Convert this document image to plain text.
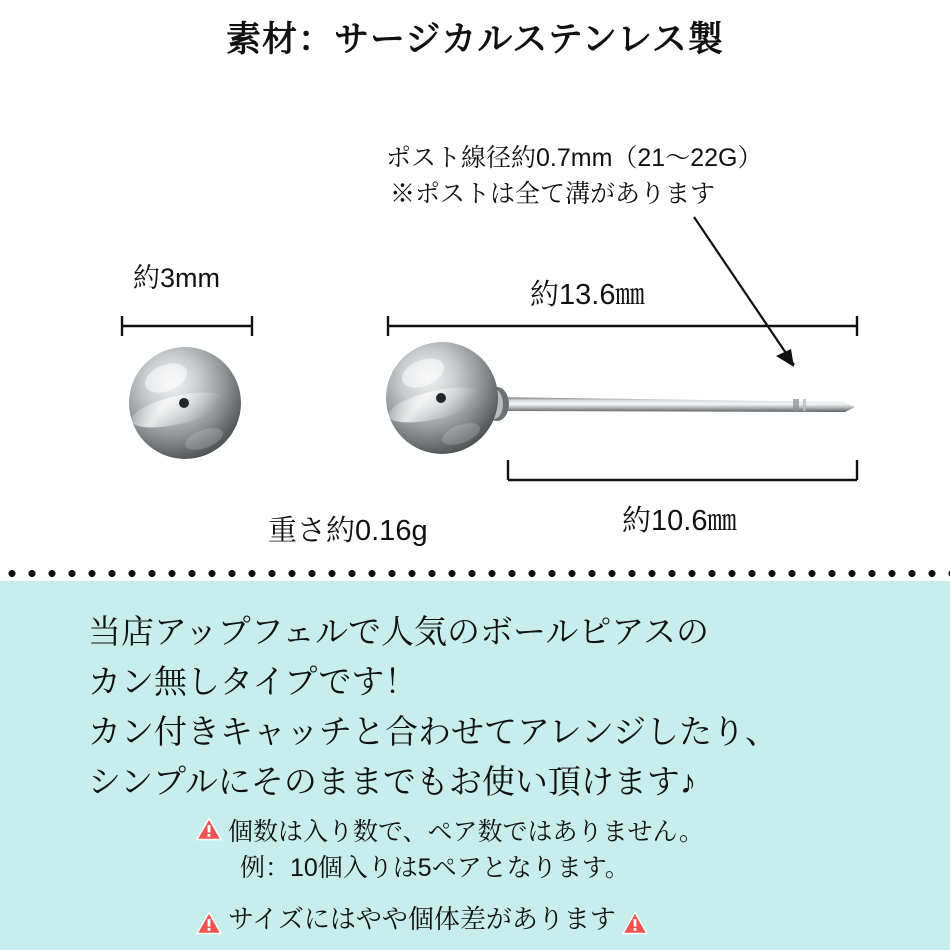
素材：サージカルステンレス製
ポスト線径約0.7mm（21〜22G）
※ポストは全て溝があります
約3mm
重さ約0.16g
約13.6㎜
約10.6㎜
当店アップフェルで人気のボールピアスの
カン無しタイプです！
カン付きキャッチと合わせてアレンジしたり、
シンプルにそのままでもお使い頂けます♪
個数は入り数で、ペア数ではありません。
例：10個入りは5ペアとなります。
サイズにはやや個体差があります
